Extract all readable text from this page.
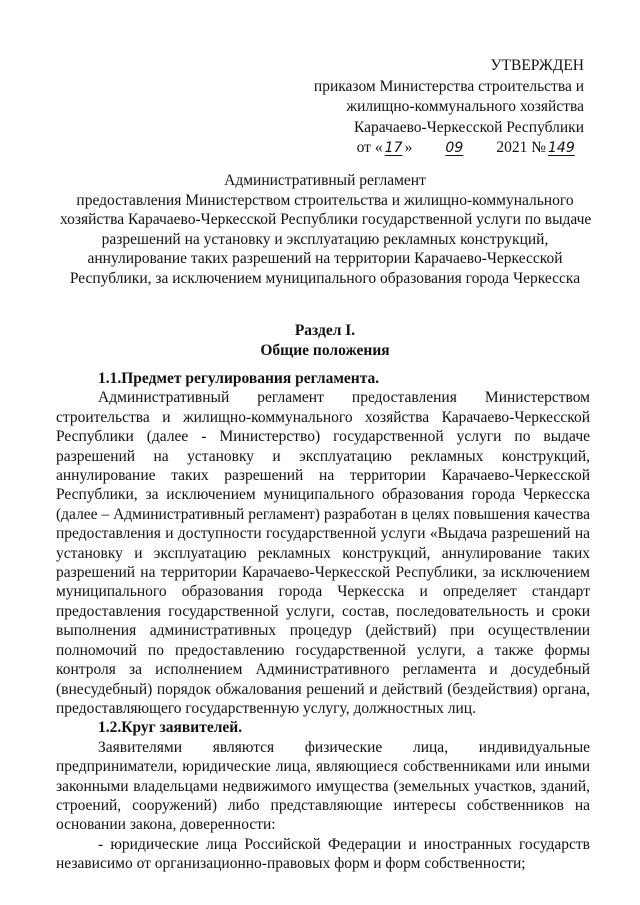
УТВЕРЖДЕН
приказом Министерства строительства и
жилищно-коммунального хозяйства
Карачаево-Черкесской Республики
от « 17 » 09 2021 № 149
Административный регламент
предоставления Министерством строительства и жилищно-коммунального
хозяйства Карачаево-Черкесской Республики государственной услуги по выдаче
разрешений на установку и эксплуатацию рекламных конструкций,
аннулирование таких разрешений на территории Карачаево-Черкесской
Республики, за исключением муниципального образования города Черкесска
Раздел I.
Общие положения
1.1.Предмет регулирования регламента.
Административный регламент предоставления Министерством
строительства и жилищно-коммунального хозяйства Карачаево-Черкесской
Республики (далее - Министерство) государственной услуги по выдаче
разрешений на установку и эксплуатацию рекламных конструкций,
аннулирование таких разрешений на территории Карачаево-Черкесской
Республики, за исключением муниципального образования города Черкесска
(далее – Административный регламент) разработан в целях повышения качества
предоставления и доступности государственной услуги «Выдача разрешений на
установку и эксплуатацию рекламных конструкций, аннулирование таких
разрешений на территории Карачаево-Черкесской Республики, за исключением
муниципального образования города Черкесска и определяет стандарт
предоставления государственной услуги, состав, последовательность и сроки
выполнения административных процедур (действий) при осуществлении
полномочий по предоставлению государственной услуги, а также формы
контроля за исполнением Административного регламента и досудебный
(внесудебный) порядок обжалования решений и действий (бездействия) органа,
предоставляющего государственную услугу, должностных лиц.
1.2.Круг заявителей.
Заявителями являются физические лица, индивидуальные
предприниматели, юридические лица, являющиеся собственниками или иными
законными владельцами недвижимого имущества (земельных участков, зданий,
строений, сооружений) либо представляющие интересы собственников на
основании закона, доверенности:
- юридические лица Российской Федерации и иностранных государств
независимо от организационно-правовых форм и форм собственности;
